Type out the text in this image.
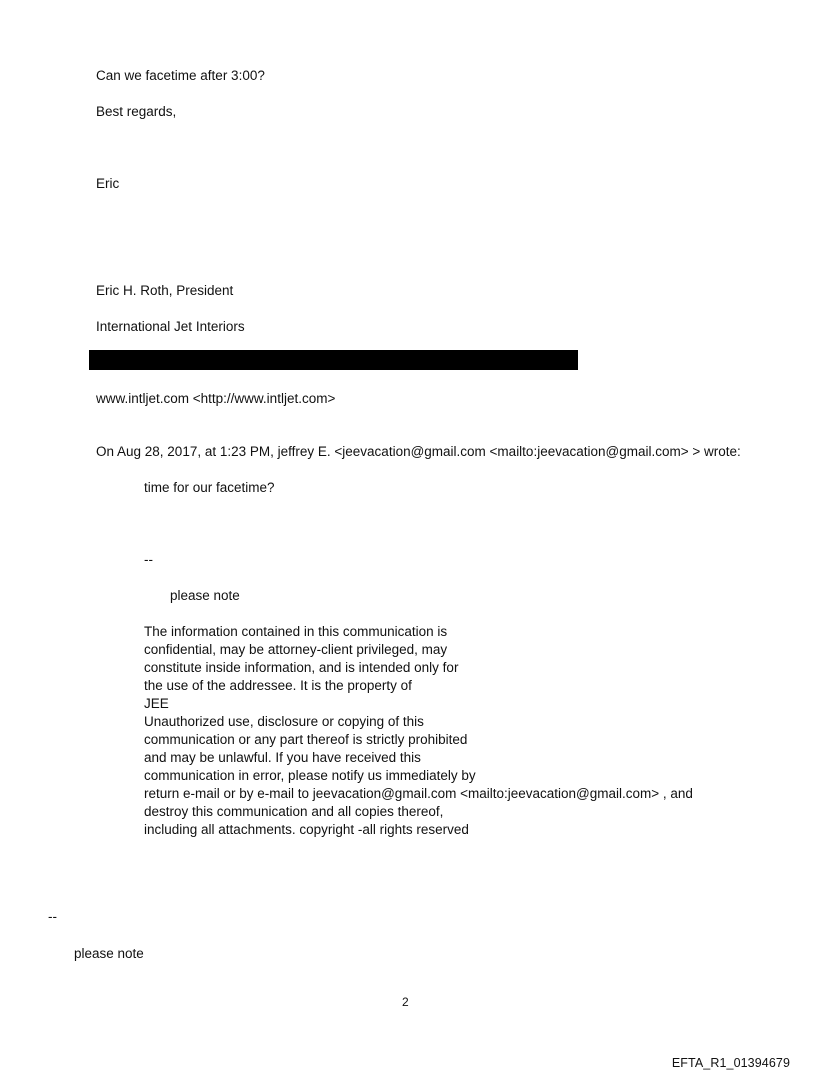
Can we facetime after 3:00?

Best regards,

Eric

Eric H. Roth, President

International Jet Interiors

www.intljet.com <http://www.intljet.com>

On Aug 28, 2017, at 1:23 PM, jeffrey E. <jeevacation@gmail.com <mailto:jeevacation@gmail.com> > wrote:

time for our facetime?

--

please note

The information contained in this communication is
confidential, may be attorney-client privileged, may
constitute inside information, and is intended only for
the use of the addressee. It is the property of
JEE
Unauthorized use, disclosure or copying of this
communication or any part thereof is strictly prohibited
and may be unlawful. If you have received this
communication in error, please notify us immediately by
return e-mail or by e-mail to jeevacation@gmail.com <mailto:jeevacation@gmail.com> , and
destroy this communication and all copies thereof,
including all attachments. copyright -all rights reserved

--

please note

2
EFTA_R1_01394679
